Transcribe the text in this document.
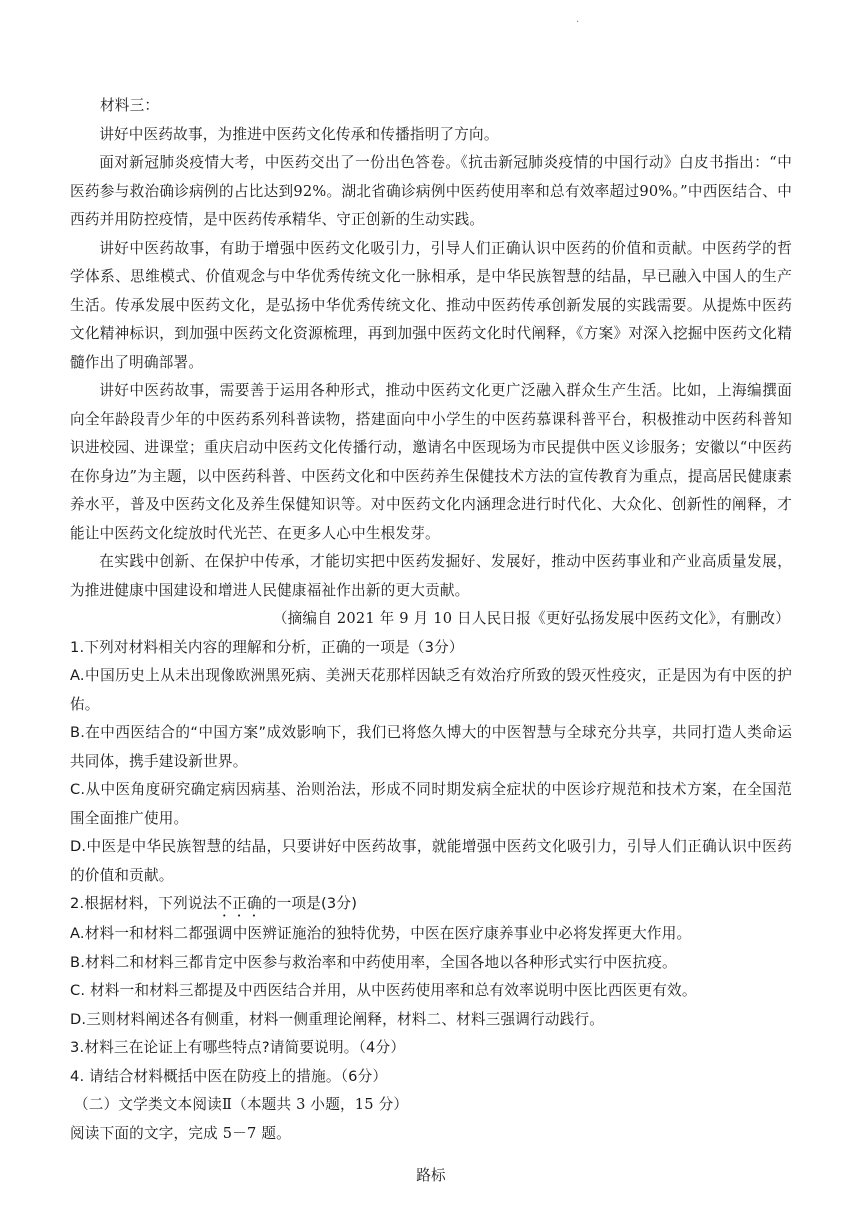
.

材料三：

讲好中医药故事，为推进中医药文化传承和传播指明了方向。

面对新冠肺炎疫情大考，中医药交出了一份出色答卷。《抗击新冠肺炎疫情的中国行动》白皮书指出：“中医药参与救治确诊病例的占比达到92%。湖北省确诊病例中医药使用率和总有效率超过90%。”中西医结合、中西药并用防控疫情，是中医药传承精华、守正创新的生动实践。

讲好中医药故事，有助于增强中医药文化吸引力，引导人们正确认识中医药的价值和贡献。中医药学的哲学体系、思维模式、价值观念与中华优秀传统文化一脉相承，是中华民族智慧的结晶，早已融入中国人的生产生活。传承发展中医药文化，是弘扬中华优秀传统文化、推动中医药传承创新发展的实践需要。从提炼中医药文化精神标识，到加强中医药文化资源梳理，再到加强中医药文化时代阐释，《方案》对深入挖掘中医药文化精髓作出了明确部署。

讲好中医药故事，需要善于运用各种形式，推动中医药文化更广泛融入群众生产生活。比如，上海编撰面向全年龄段青少年的中医药系列科普读物，搭建面向中小学生的中医药慕课科普平台，积极推动中医药科普知识进校园、进课堂；重庆启动中医药文化传播行动，邀请名中医现场为市民提供中医义诊服务；安徽以“中医药在你身边”为主题，以中医药科普、中医药文化和中医药养生保健技术方法的宣传教育为重点，提高居民健康素养水平，普及中医药文化及养生保健知识等。对中医药文化内涵理念进行时代化、大众化、创新性的阐释，才能让中医药文化绽放时代光芒、在更多人心中生根发芽。

在实践中创新、在保护中传承，才能切实把中医药发掘好、发展好，推动中医药事业和产业高质量发展，为推进健康中国建设和增进人民健康福祉作出新的更大贡献。

（摘编自 2021 年 9 月 10 日人民日报《更好弘扬发展中医药文化》，有删改）

1.下列对材料相关内容的理解和分析，正确的一项是（3分）

A.中国历史上从未出现像欧洲黑死病、美洲天花那样因缺乏有效治疗所致的毁灭性疫灾，正是因为有中医的护佑。

B.在中西医结合的“中国方案”成效影响下，我们已将悠久博大的中医智慧与全球充分共享，共同打造人类命运共同体，携手建设新世界。

C.从中医角度研究确定病因病基、治则治法，形成不同时期发病全症状的中医诊疗规范和技术方案，在全国范围全面推广使用。

D.中医是中华民族智慧的结晶，只要讲好中医药故事，就能增强中医药文化吸引力，引导人们正确认识中医药的价值和贡献。

2.根据材料，下列说法不正确的一项是(3分)

A.材料一和材料二都强调中医辨证施治的独特优势，中医在医疗康养事业中必将发挥更大作用。

B.材料二和材料三都肯定中医参与救治率和中药使用率，全国各地以各种形式实行中医抗疫。

C. 材料一和材料三都提及中西医结合并用，从中医药使用率和总有效率说明中医比西医更有效。

D.三则材料阐述各有侧重，材料一侧重理论阐释，材料二、材料三强调行动践行。

3.材料三在论证上有哪些特点?请简要说明。（4分）

4. 请结合材料概括中医在防疫上的措施。（6分）

（二）文学类文本阅读Ⅱ（本题共 3 小题，15 分）

阅读下面的文字，完成 5－7 题。

路标
